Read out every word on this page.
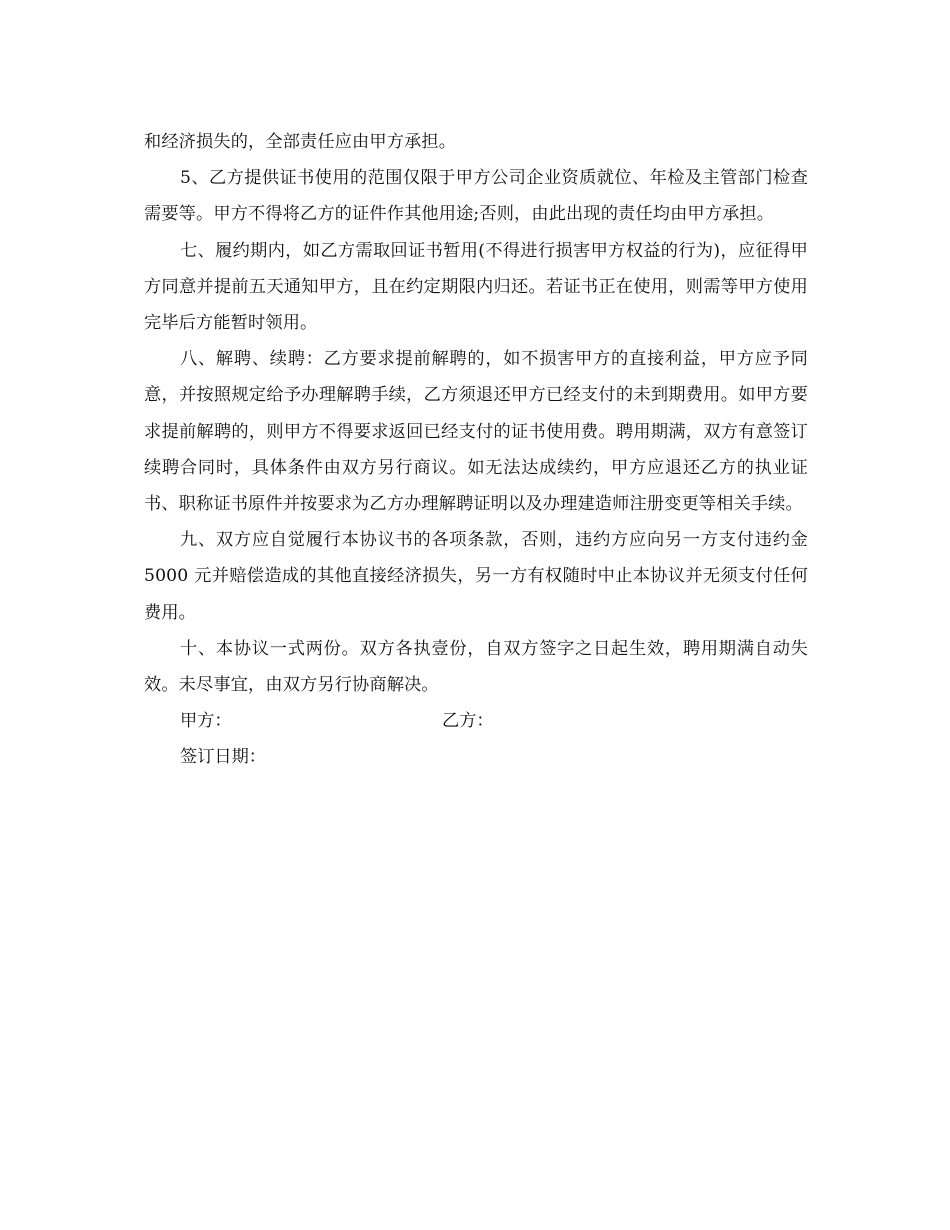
和经济损失的，全部责任应由甲方承担。

5、乙方提供证书使用的范围仅限于甲方公司企业资质就位、年检及主管部门检查需要等。甲方不得将乙方的证件作其他用途;否则，由此出现的责任均由甲方承担。

七、履约期内，如乙方需取回证书暂用(不得进行损害甲方权益的行为)，应征得甲方同意并提前五天通知甲方，且在约定期限内归还。若证书正在使用，则需等甲方使用完毕后方能暂时领用。

八、解聘、续聘：乙方要求提前解聘的，如不损害甲方的直接利益，甲方应予同意，并按照规定给予办理解聘手续，乙方须退还甲方已经支付的未到期费用。如甲方要求提前解聘的，则甲方不得要求返回已经支付的证书使用费。聘用期满，双方有意签订续聘合同时，具体条件由双方另行商议。如无法达成续约，甲方应退还乙方的执业证书、职称证书原件并按要求为乙方办理解聘证明以及办理建造师注册变更等相关手续。

九、双方应自觉履行本协议书的各项条款，否则，违约方应向另一方支付违约金 5000 元并赔偿造成的其他直接经济损失，另一方有权随时中止本协议并无须支付任何费用。

十、本协议一式两份。双方各执壹份，自双方签字之日起生效，聘用期满自动失效。未尽事宜，由双方另行协商解决。

甲方：	乙方：
签订日期：
